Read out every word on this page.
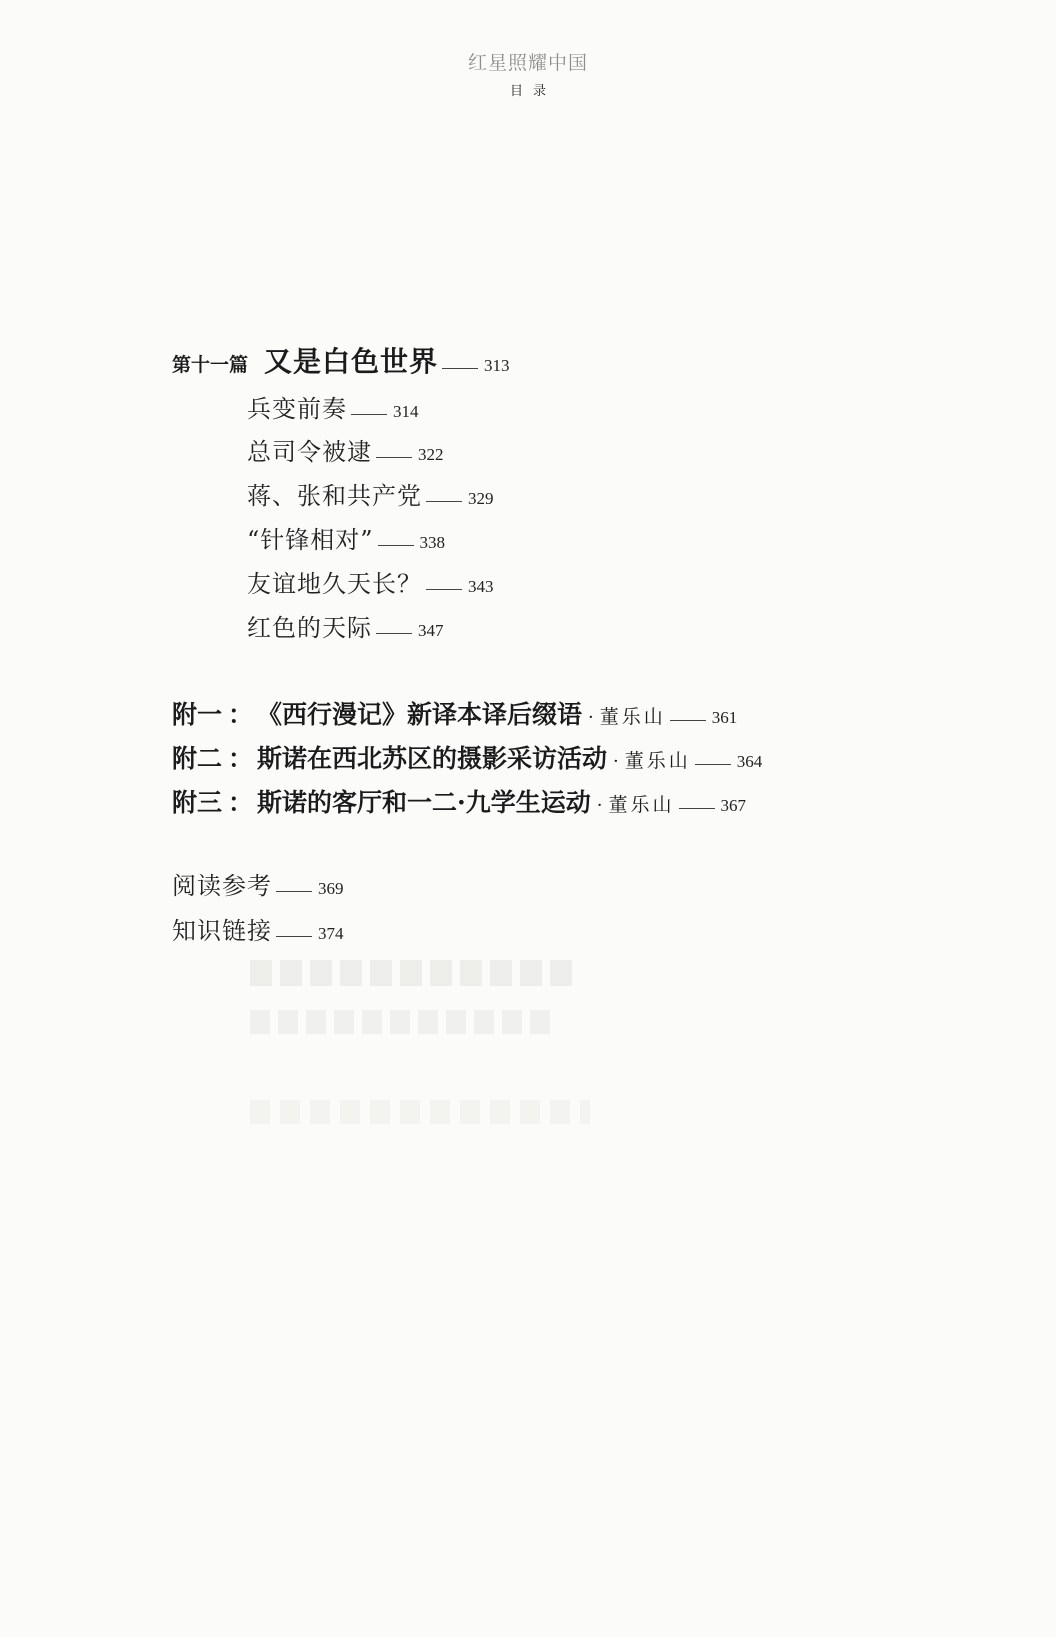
红星照耀中国
目录
第十一篇 又是白色世界	313
兵变前奏	314
总司令被逮	322
蒋、张和共产党	329
“针锋相对”	338
友谊地久天长？	343
红色的天际	347
附一 ： 《西行漫记》新译本译后缀语 · 董乐山	361
附二 ： 斯诺在西北苏区的摄影采访活动 · 董乐山	364
附三 ： 斯诺的客厅和一二·九学生运动 · 董乐山	367
阅读参考	369
知识链接	374
